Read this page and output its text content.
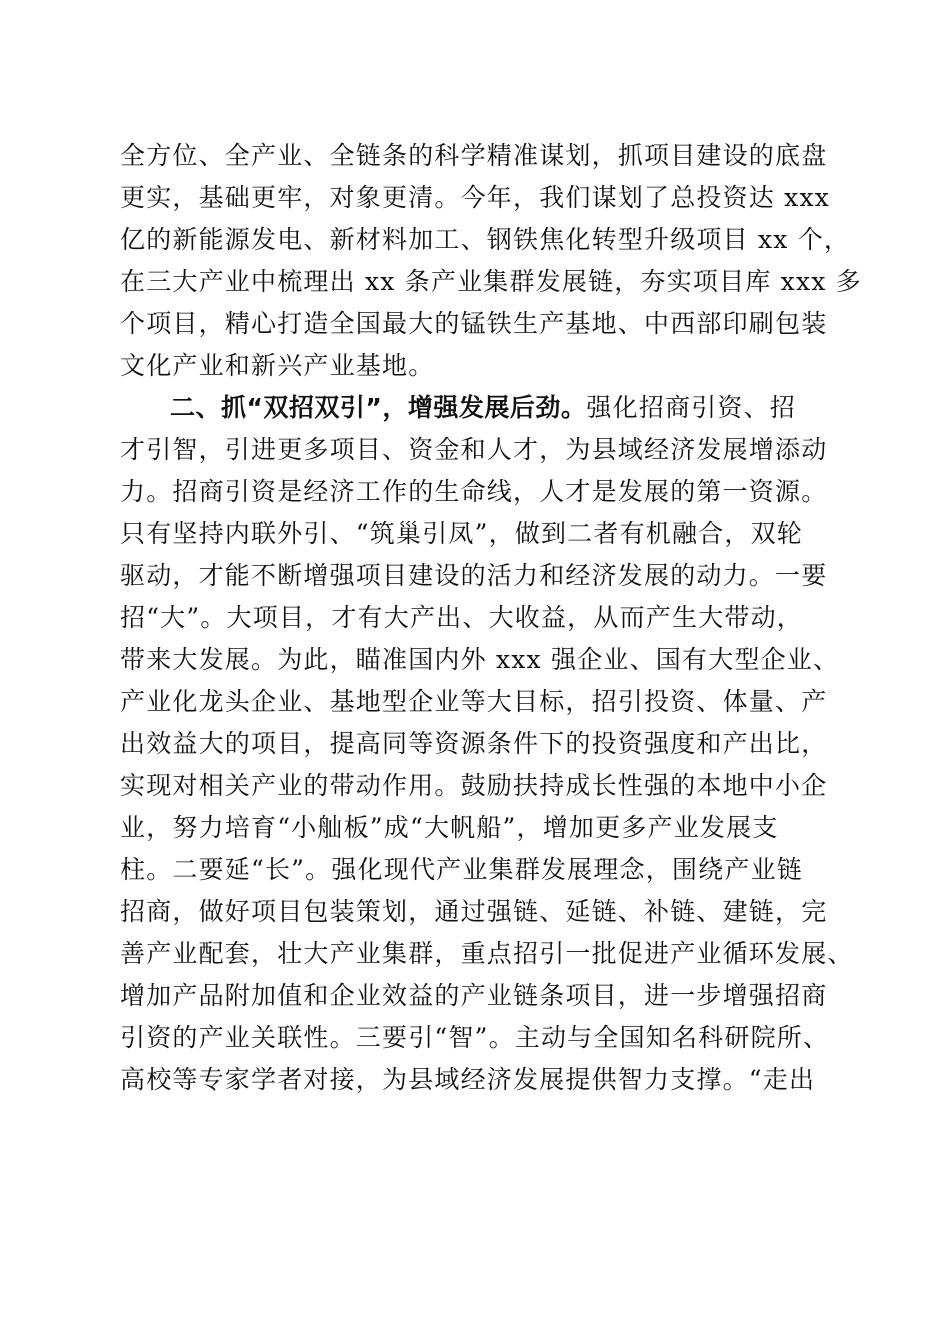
全方位、全产业、全链条的科学精准谋划，抓项目建设的底盘
更实，基础更牢，对象更清。今年，我们谋划了总投资达 xxx
亿的新能源发电、新材料加工、钢铁焦化转型升级项目 xx 个，
在三大产业中梳理出 xx 条产业集群发展链，夯实项目库 xxx 多
个项目，精心打造全国最大的锰铁生产基地、中西部印刷包装
文化产业和新兴产业基地。
二、抓“双招双引”，增强发展后劲。强化招商引资、招
才引智，引进更多项目、资金和人才，为县域经济发展增添动
力。招商引资是经济工作的生命线，人才是发展的第一资源。
只有坚持内联外引、“筑巢引凤”，做到二者有机融合，双轮
驱动，才能不断增强项目建设的活力和经济发展的动力。一要
招“大”。大项目，才有大产出、大收益，从而产生大带动，
带来大发展。为此，瞄准国内外 xxx 强企业、国有大型企业、
产业化龙头企业、基地型企业等大目标，招引投资、体量、产
出效益大的项目，提高同等资源条件下的投资强度和产出比，
实现对相关产业的带动作用。鼓励扶持成长性强的本地中小企
业，努力培育“小舢板”成“大帆船”，增加更多产业发展支
柱。二要延“长”。强化现代产业集群发展理念，围绕产业链
招商，做好项目包装策划，通过强链、延链、补链、建链，完
善产业配套，壮大产业集群，重点招引一批促进产业循环发展、
增加产品附加值和企业效益的产业链条项目，进一步增强招商
引资的产业关联性。三要引“智”。主动与全国知名科研院所、
高校等专家学者对接，为县域经济发展提供智力支撑。“走出
